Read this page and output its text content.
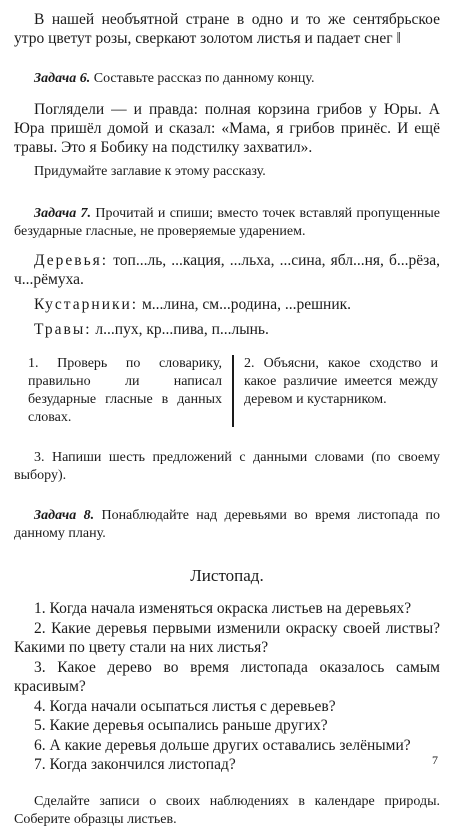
В нашей необъятной стране в одно и то же сентябрьское утро цветут розы, сверкают золотом листья и падает снег ‖

Задача 6. Составьте рассказ по данному концу.

Поглядели — и правда: полная корзина грибов у Юры. А Юра пришёл домой и сказал: «Мама, я грибов принёс. И ещё травы. Это я Бобику на подстилку захватил».

Придумайте заглавие к этому рассказу.

Задача 7. Прочитай и спиши; вместо точек вставляй пропущенные безударные гласные, не проверяемые ударением.

Деревья: топ...ль, ...кация, ...льха, ...сина, ябл...ня, б...рёза, ч...рёмуха.

Кустарники: м...лина, см...родина, ...решник.

Травы: л...пух, кр...пива, п...лынь.

1. Проверь по словарику, правильно ли написал безударные гласные в данных словах.
2. Объясни, какое сходство и какое различие имеется между деревом и кустарником.

3. Напиши шесть предложений с данными словами (по своему выбору).

Задача 8. Понаблюдайте над деревьями во время листопада по данному плану.

Листопад.

1. Когда начала изменяться окраска листьев на деревьях?

2. Какие деревья первыми изменили окраску своей листвы? Какими по цвету стали на них листья?

3. Какое дерево во время листопада оказалось самым красивым?

4. Когда начали осыпаться листья с деревьев?

5. Какие деревья осыпались раньше других?

6. А какие деревья дольше других оставались зелёными?

7. Когда закончился листопад?

Сделайте записи о своих наблюдениях в календаре природы. Соберите образцы листьев.

7
